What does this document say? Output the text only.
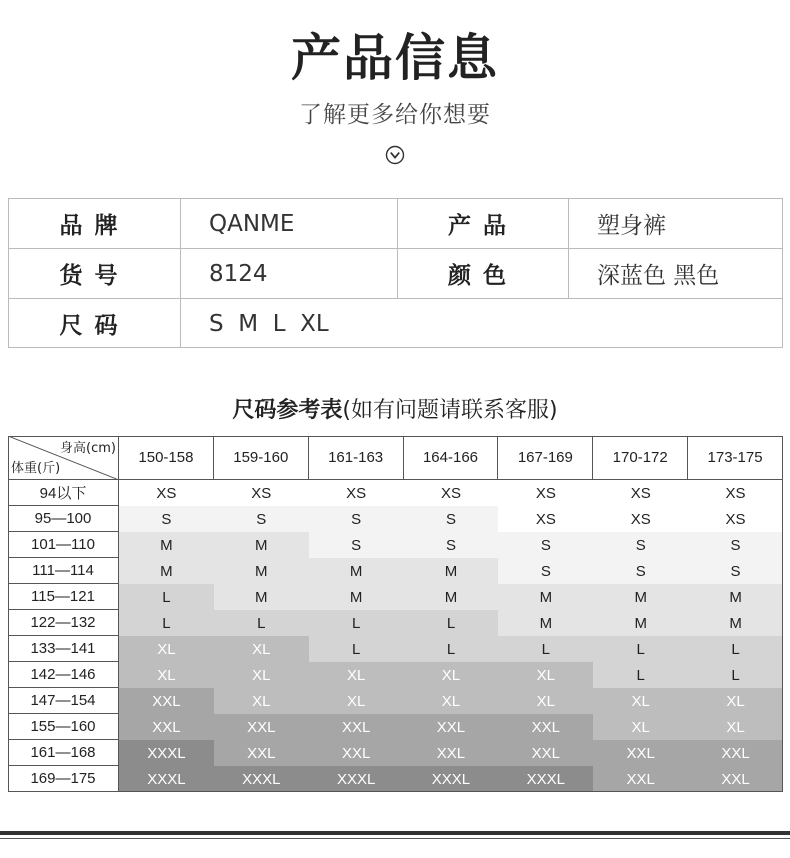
产品信息
了解更多给你想要
品牌	QANME	产品	塑身裤
货号	8124	颜色	深蓝色 黑色
尺码	S  M  L  XL
尺码参考表(如有问题请联系客服)
身高(cm)
体重(斤)
150-158	159-160	161-163	164-166	167-169	170-172	173-175
94以下	XS	XS	XS	XS	XS	XS	XS
95—100	S	S	S	S	XS	XS	XS
101—110	M	M	S	S	S	S	S
111—114	M	M	M	M	S	S	S
115—121	L	M	M	M	M	M	M
122—132	L	L	L	L	M	M	M
133—141	XL	XL	L	L	L	L	L
142—146	XL	XL	XL	XL	XL	L	L
147—154	XXL	XL	XL	XL	XL	XL	XL
155—160	XXL	XXL	XXL	XXL	XXL	XL	XL
161—168	XXXL	XXL	XXL	XXL	XXL	XXL	XXL
169—175	XXXL	XXXL	XXXL	XXXL	XXXL	XXL	XXL
